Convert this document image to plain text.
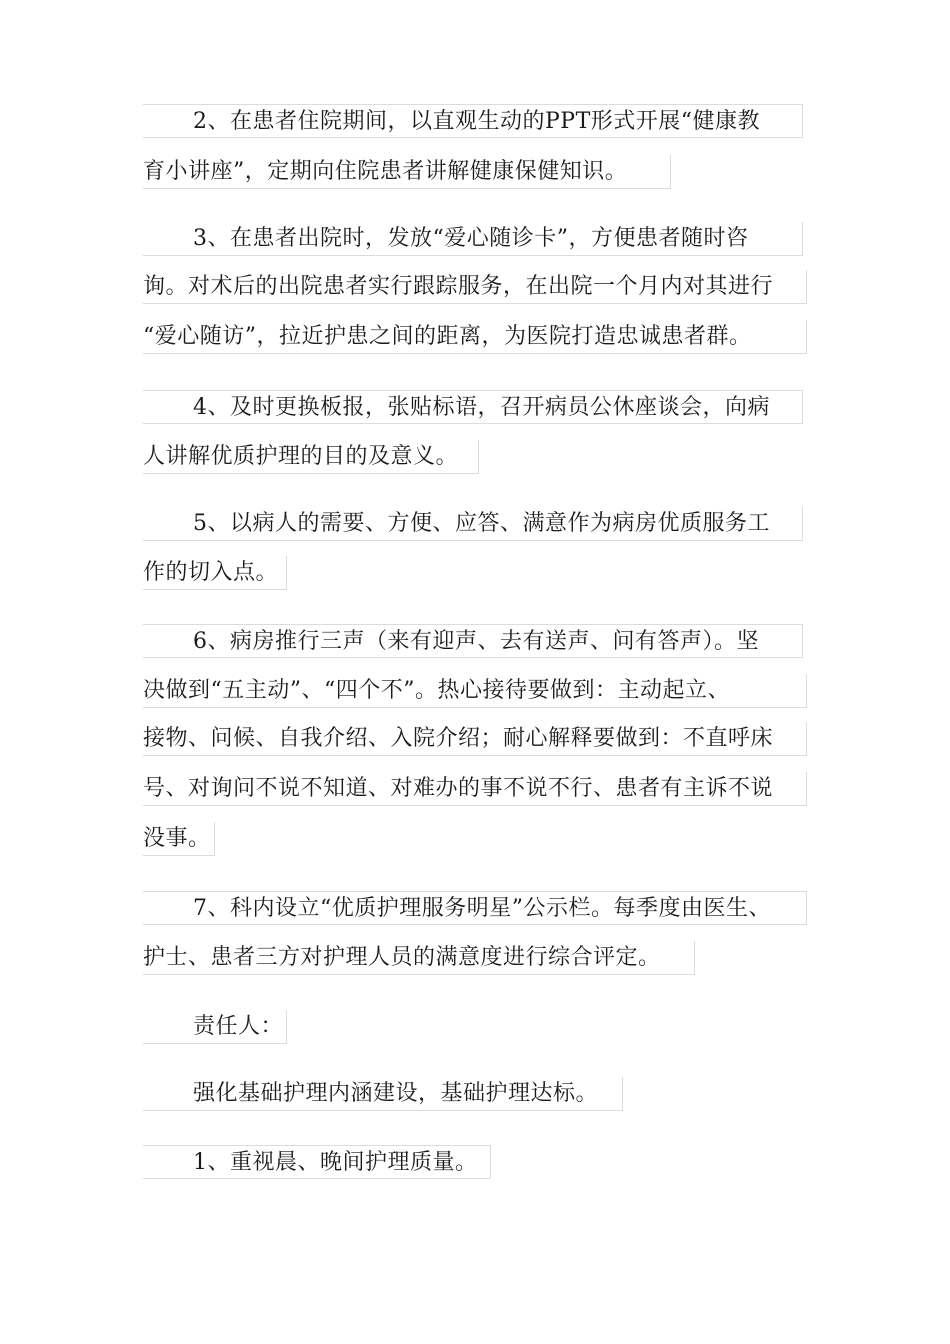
2、在患者住院期间，以直观生动的PPT形式开展“健康教
育小讲座”，定期向住院患者讲解健康保健知识。
3、在患者出院时，发放“爱心随诊卡”，方便患者随时咨
询。对术后的出院患者实行跟踪服务，在出院一个月内对其进行
“爱心随访”，拉近护患之间的距离，为医院打造忠诚患者群。
4、及时更换板报，张贴标语，召开病员公休座谈会，向病
人讲解优质护理的目的及意义。
5、以病人的需要、方便、应答、满意作为病房优质服务工
作的切入点。
6、病房推行三声（来有迎声、去有送声、问有答声）。坚
决做到“五主动”、“四个不”。热心接待要做到：主动起立、
接物、问候、自我介绍、入院介绍；耐心解释要做到：不直呼床
号、对询问不说不知道、对难办的事不说不行、患者有主诉不说
没事。
7、科内设立“优质护理服务明星”公示栏。每季度由医生、
护士、患者三方对护理人员的满意度进行综合评定。
责任人：
强化基础护理内涵建设，基础护理达标。
1、重视晨、晚间护理质量。
